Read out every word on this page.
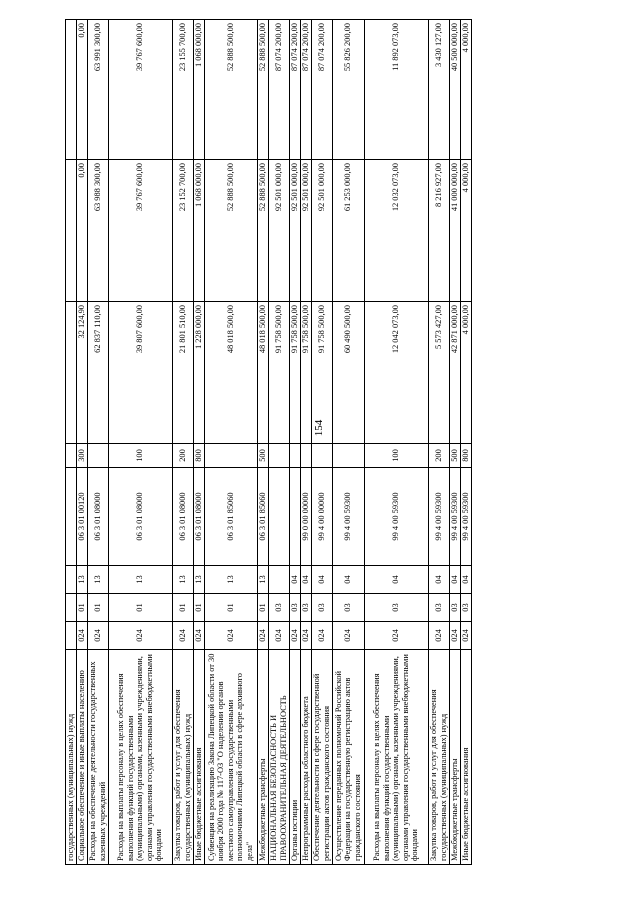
154
государственных (муниципальных) нужд								
Социальное обеспечение и иные выплаты населению	024	01	13	06 3 01 00120	300	32 124,90	0,00	0,00
Расходы на обеспечение деятельности государственных казенных учреждений	024	01	13	06 3 01 08000		62 837 110,00	63 988 300,00	63 991 300,00
Расходы на выплаты персоналу в целях обеспечения выполнения функций государственными (муниципальными) органами, казенными учреждениями, органами управления государственными внебюджетными фондами	024	01	13	06 3 01 08000	100	39 807 600,00	39 767 600,00	39 767 600,00
Закупка товаров, работ и услуг для обеспечения государственных (муниципальных) нужд	024	01	13	06 3 01 08000	200	21 801 510,00	23 152 700,00	23 155 700,00
Иные бюджетные ассигнования	024	01	13	06 3 01 08000	800	1 228 000,00	1 068 000,00	1 068 000,00
Субвенция на реализацию Закона Липецкой области от 30 ноября 2000 года № 117-ОЗ "О наделении органов местного самоуправления государственными полномочиями Липецкой области в сфере архивного дела"	024	01	13	06 3 01 85060		48 018 500,00	52 888 500,00	52 888 500,00
Межбюджетные трансферты	024	01	13	06 3 01 85060	500	48 018 500,00	52 888 500,00	52 888 500,00
НАЦИОНАЛЬНАЯ БЕЗОПАСНОСТЬ И ПРАВООХРАНИТЕЛЬНАЯ ДЕЯТЕЛЬНОСТЬ	024	03				91 758 500,00	92 501 000,00	87 074 200,00
Органы юстиции	024	03	04			91 758 500,00	92 501 000,00	87 074 200,00
Непрограммные расходы областного бюджета	024	03	04	99 0 00 00000		91 758 500,00	92 501 000,00	87 074 200,00
Обеспечение деятельности в сфере государственной регистрации актов гражданского состояния	024	03	04	99 4 00 00000		91 758 500,00	92 501 000,00	87 074 200,00
Осуществление переданных полномочий Российской Федерации на государственную регистрацию актов гражданского состояния	024	03	04	99 4 00 59300		60 490 500,00	61 253 000,00	55 826 200,00
Расходы на выплаты персоналу в целях обеспечения выполнения функций государственными (муниципальными) органами, казенными учреждениями, органами управления государственными внебюджетными фондами	024	03	04	99 4 00 59300	100	12 042 073,00	12 032 073,00	11 892 073,00
Закупка товаров, работ и услуг для обеспечения государственных (муниципальных) нужд	024	03	04	99 4 00 59300	200	5 573 427,00	8 216 927,00	3 430 127,00
Межбюджетные трансферты	024	03	04	99 4 00 59300	500	42 871 000,00	41 000 000,00	40 500 000,00
Иные бюджетные ассигнования	024	03	04	99 4 00 59300	800	4 000,00	4 000,00	4 000,00
